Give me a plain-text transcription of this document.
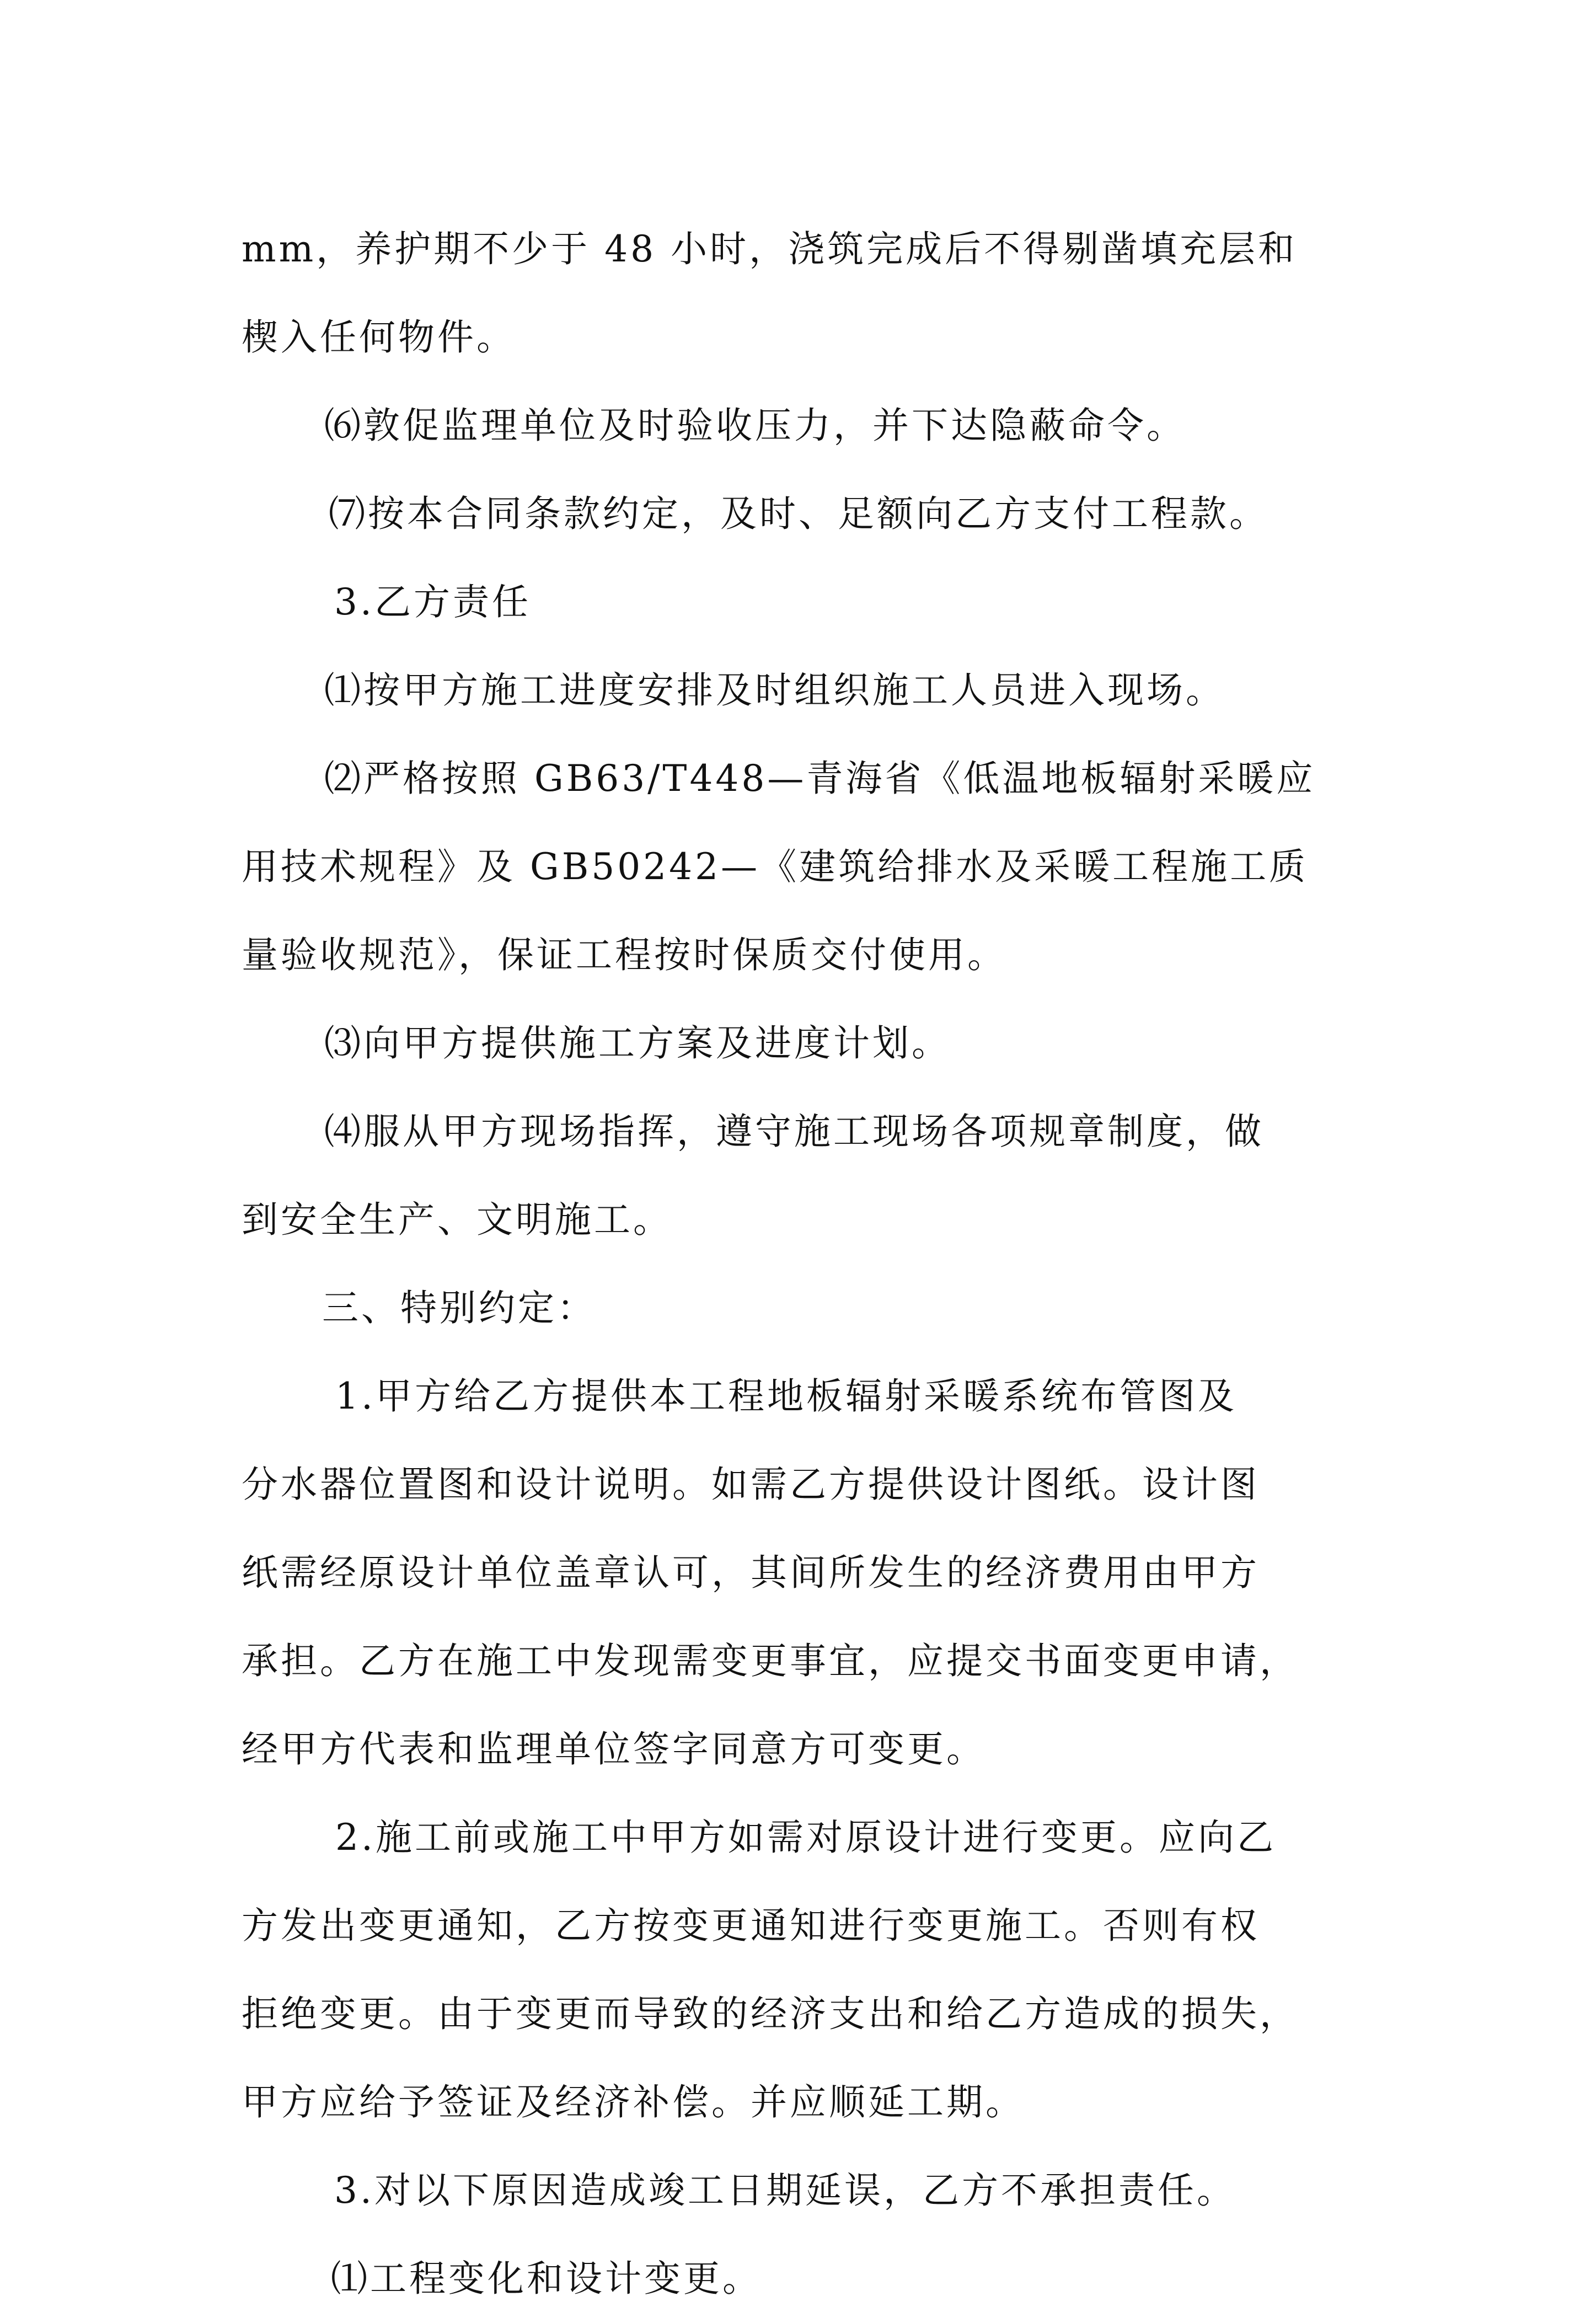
mm，养护期不少于 48 小时，浇筑完成后不得剔凿填充层和

楔入任何物件。

⑹敦促监理单位及时验收压力，并下达隐蔽命令。

⑺按本合同条款约定，及时、足额向乙方支付工程款。

3.乙方责任

⑴按甲方施工进度安排及时组织施工人员进入现场。

⑵严格按照 GB63/T448—青海省《低温地板辐射采暖应

用技术规程》及 GB50242—《建筑给排水及采暖工程施工质

量验收规范》，保证工程按时保质交付使用。

⑶向甲方提供施工方案及进度计划。

⑷服从甲方现场指挥，遵守施工现场各项规章制度，做

到安全生产、文明施工。

三、特别约定：

1.甲方给乙方提供本工程地板辐射采暖系统布管图及

分水器位置图和设计说明。如需乙方提供设计图纸。设计图

纸需经原设计单位盖章认可，其间所发生的经济费用由甲方

承担。乙方在施工中发现需变更事宜，应提交书面变更申请，

经甲方代表和监理单位签字同意方可变更。

2.施工前或施工中甲方如需对原设计进行变更。应向乙

方发出变更通知，乙方按变更通知进行变更施工。否则有权

拒绝变更。由于变更而导致的经济支出和给乙方造成的损失，

甲方应给予签证及经济补偿。并应顺延工期。

3.对以下原因造成竣工日期延误，乙方不承担责任。

⑴工程变化和设计变更。
